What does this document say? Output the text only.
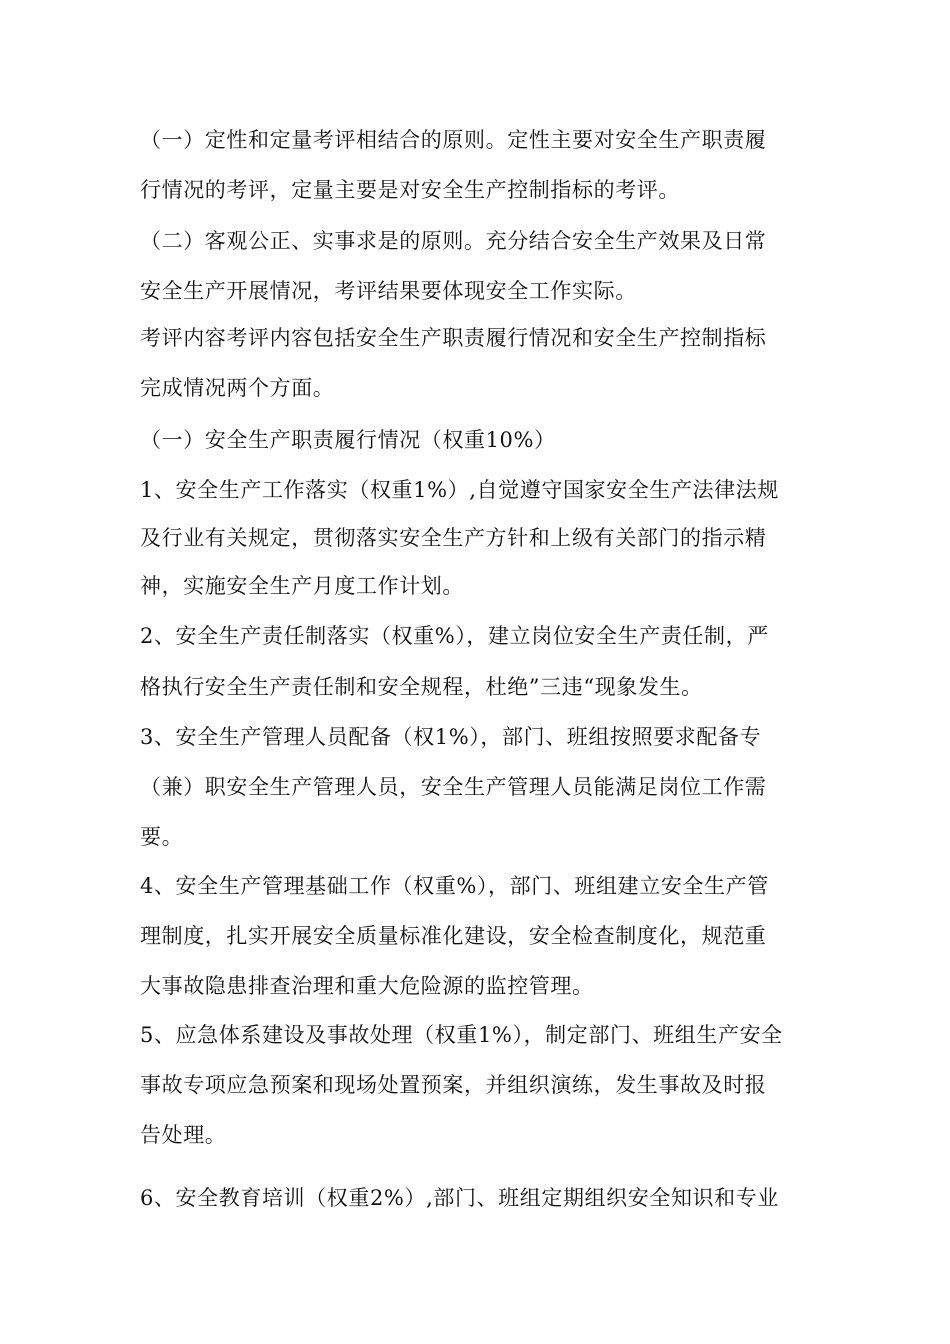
（一）定性和定量考评相结合的原则。定性主要对安全生产职责履

行情况的考评，定量主要是对安全生产控制指标的考评。

（二）客观公正、实事求是的原则。充分结合安全生产效果及日常

安全生产开展情况，考评结果要体现安全工作实际。

考评内容考评内容包括安全生产职责履行情况和安全生产控制指标

完成情况两个方面。

（一）安全生产职责履行情况（权重10%）

1、安全生产工作落实（权重1%）,自觉遵守国家安全生产法律法规

及行业有关规定，贯彻落实安全生产方针和上级有关部门的指示精

神，实施安全生产月度工作计划。

2、安全生产责任制落实（权重%），建立岗位安全生产责任制，严

格执行安全生产责任制和安全规程，杜绝”三违“现象发生。

3、安全生产管理人员配备（权1%），部门、班组按照要求配备专

（兼）职安全生产管理人员，安全生产管理人员能满足岗位工作需

要。

4、安全生产管理基础工作（权重%），部门、班组建立安全生产管

理制度，扎实开展安全质量标准化建设，安全检查制度化，规范重

大事故隐患排查治理和重大危险源的监控管理。

5、应急体系建设及事故处理（权重1%），制定部门、班组生产安全

事故专项应急预案和现场处置预案，并组织演练，发生事故及时报

告处理。

6、安全教育培训（权重2%）,部门、班组定期组织安全知识和专业
